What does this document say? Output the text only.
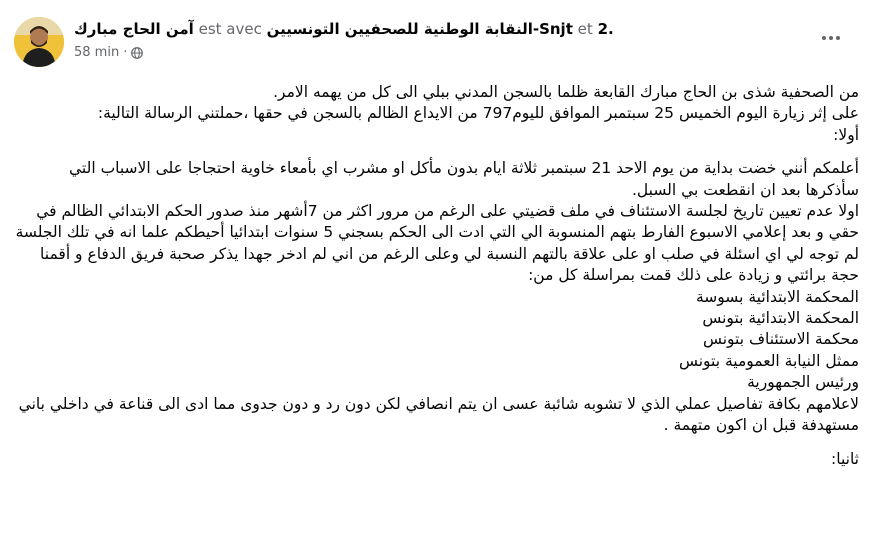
آمن الحاج مبارك est avec النقابة الوطنية للصحفيين التونسيين-Snjt et 2.
58 min ·

من الصحفية شذى بن الحاج مبارك القابعة ظلما بالسجن المدني ببلي الى كل من يهمه الامر.

على إثر زيارة اليوم الخميس 25 سبتمبر الموافق لليوم797 من الايداع الظالم بالسجن في حقها ،حملتني الرسالة التالية:

أولا:

أعلمكم أنني خضت بداية من يوم الاحد 21 سبتمبر ثلاثة ايام بدون مأكل او مشرب اي بأمعاء خاوية احتجاجا على الاسباب التي سأذكرها بعد ان انقطعت بي السبل.

اولا عدم تعيين تاريخ لجلسة الاستئناف في ملف قضيتي على الرغم من مرور اكثر من 7أشهر منذ صدور الحكم الابتدائي الظالم في حقي و بعد إعلامي الاسبوع الفارط بتهم المنسوبة الي التي ادت الى الحكم بسجني 5 سنوات ابتدائيا أحيطكم علما انه في تلك الجلسة لم توجه لي اي اسئلة في صلب او على علاقة بالتهم النسبة لي وعلى الرغم من اني لم ادخر جهدا يذكر صحبة فريق الدفاع و أقمنا حجة برائتي و زيادة على ذلك قمت بمراسلة كل من:

المحكمة الابتدائية بسوسة

المحكمة الابتدائية بتونس

محكمة الاستئناف بتونس

ممثل النيابة العمومية بتونس

ورئيس الجمهورية

لاعلامهم بكافة تفاصيل عملي الذي لا تشوبه شائبة عسى ان يتم انصافي لكن دون رد و دون جدوى مما ادى الى قناعة في داخلي باني مستهدفة قبل ان اكون متهمة .

ثانيا:
